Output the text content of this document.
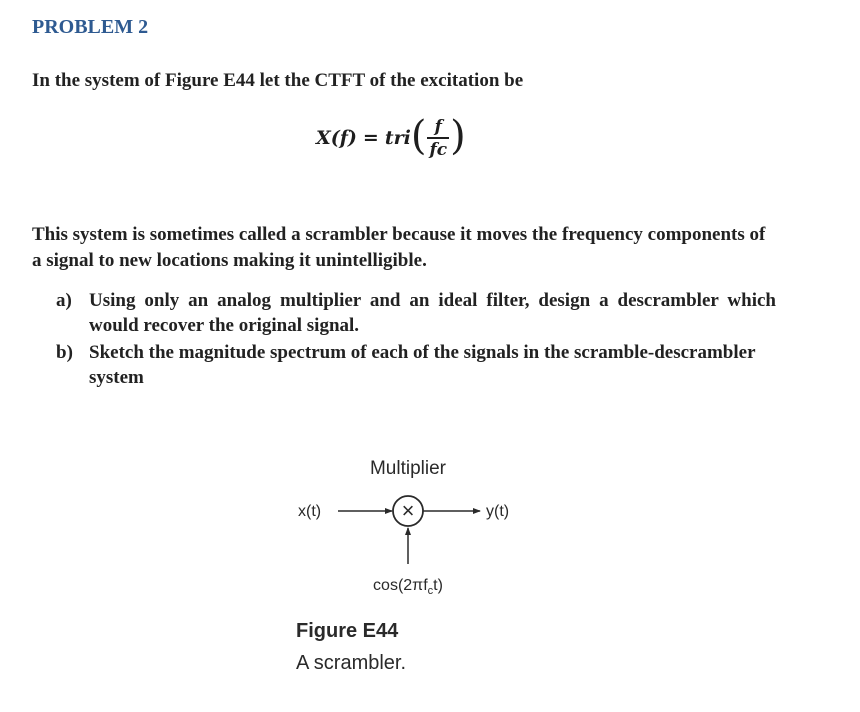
PROBLEM 2
In the system of Figure E44 let the CTFT of the excitation be
X(f) = tri ( $\frac{f}{fc}$ )

This system is sometimes called a scrambler because it moves the frequency components of a signal to new locations making it unintelligible.

a) Using only an analog multiplier and an ideal filter, design a descrambler which would recover the original signal.
b) Sketch the magnitude spectrum of each of the signals in the scramble-descrambler system
Multiplier
x(t)	×	y(t)
$\cos(2\pi f_ct)$
Figure E44
A scrambler.
